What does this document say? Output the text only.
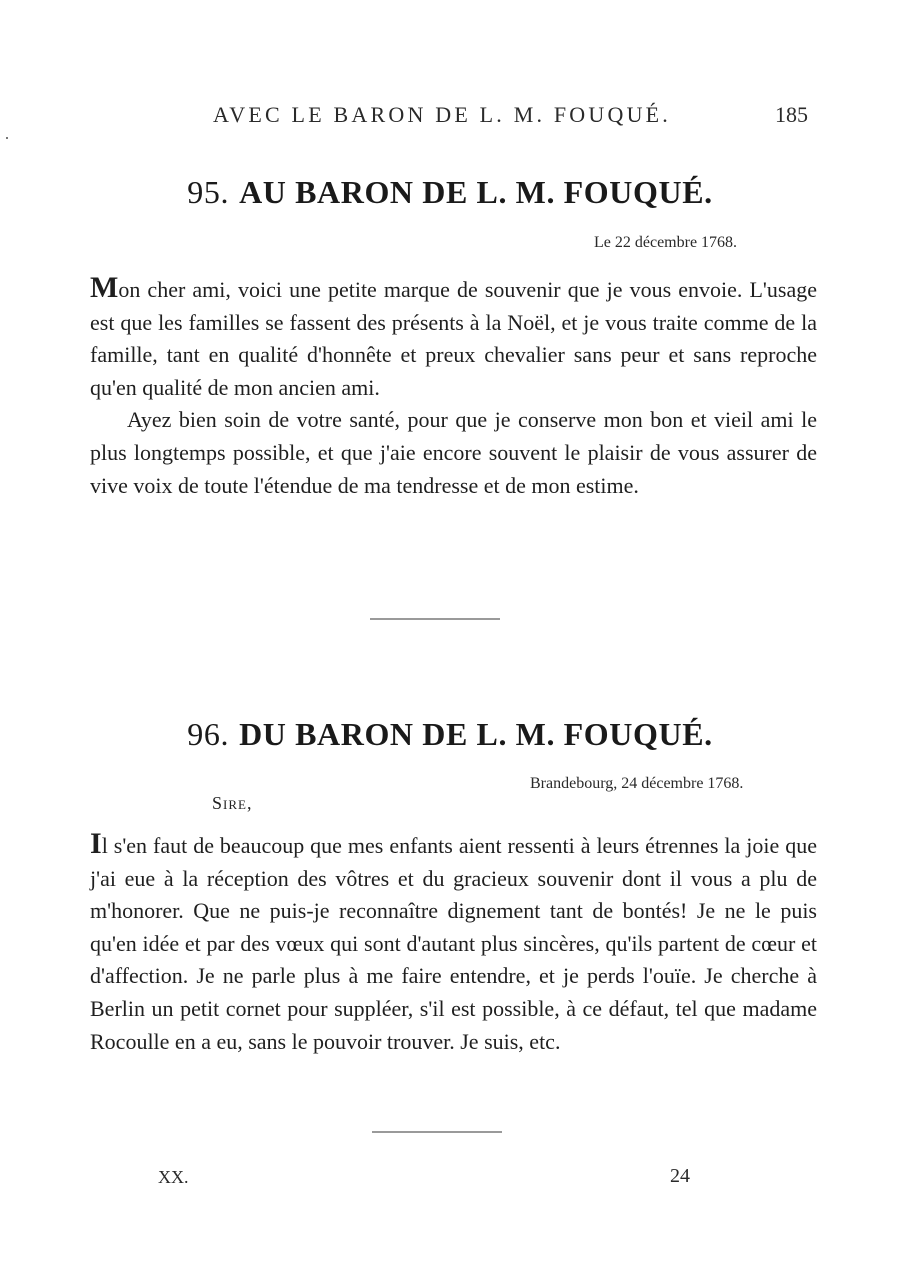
AVEC LE BARON DE L. M. FOUQUÉ.	185
95. AU BARON DE L. M. FOUQUÉ.
Le 22 décembre 1768.

Mon cher ami, voici une petite marque de souvenir que je vous envoie. L'usage est que les familles se fassent des présents à la Noël, et je vous traite comme de la famille, tant en qualité d'honnête et preux chevalier sans peur et sans reproche qu'en qualité de mon ancien ami.

Ayez bien soin de votre santé, pour que je conserve mon bon et vieil ami le plus longtemps possible, et que j'aie encore souvent le plaisir de vous assurer de vive voix de toute l'étendue de ma tendresse et de mon estime.

96. DU BARON DE L. M. FOUQUÉ.
Brandebourg, 24 décembre 1768.
Sire,

Il s'en faut de beaucoup que mes enfants aient ressenti à leurs étrennes la joie que j'ai eue à la réception des vôtres et du gracieux souvenir dont il vous a plu de m'honorer. Que ne puis-je reconnaître dignement tant de bontés! Je ne le puis qu'en idée et par des vœux qui sont d'autant plus sincères, qu'ils partent de cœur et d'affection. Je ne parle plus à me faire entendre, et je perds l'ouïe. Je cherche à Berlin un petit cornet pour suppléer, s'il est possible, à ce défaut, tel que madame Rocoulle en a eu, sans le pouvoir trouver. Je suis, etc.

XX.	24
